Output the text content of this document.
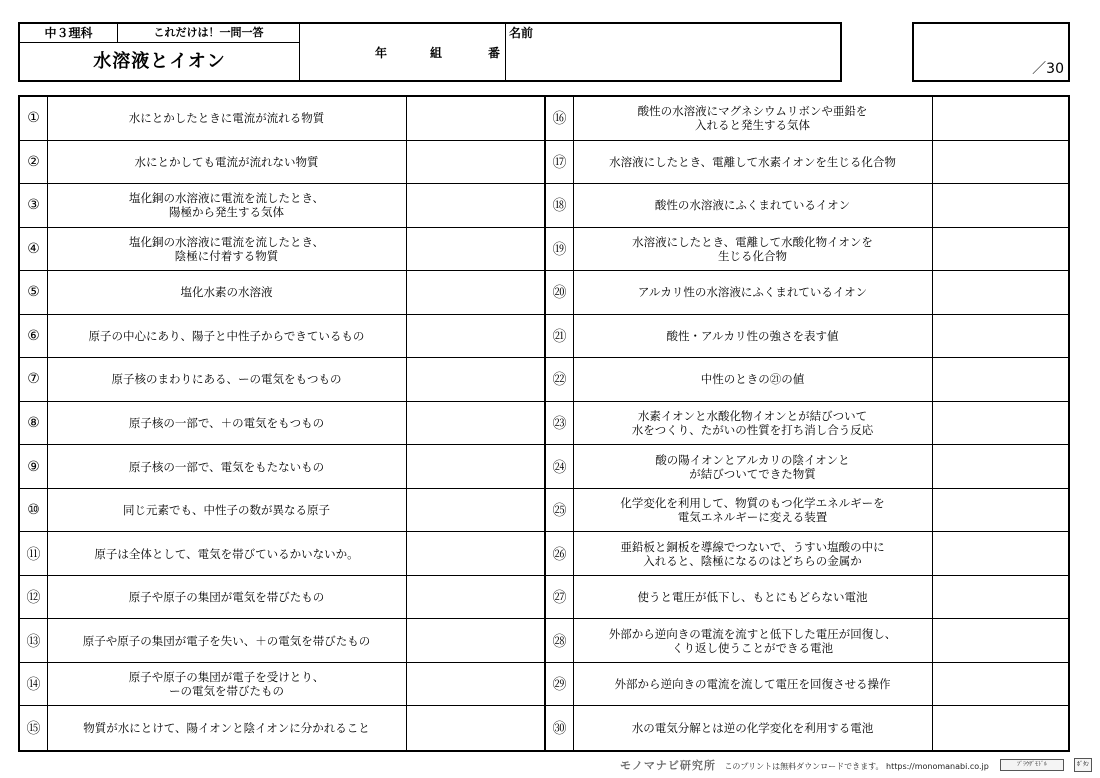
中３理科	これだけは！一問一答
水溶液とイオン	年	組	番
名前
／30
①	水にとかしたときに電流が流れる物質
②	水にとかしても電流が流れない物質
③	塩化銅の水溶液に電流を流したとき、
陽極から発生する気体
④	塩化銅の水溶液に電流を流したとき、
陰極に付着する物質
⑤	塩化水素の水溶液
⑥	原子の中心にあり、陽子と中性子からできているもの
⑦	原子核のまわりにある、ーの電気をもつもの
⑧	原子核の一部で、＋の電気をもつもの
⑨	原子核の一部で、電気をもたないもの
⑩	同じ元素でも、中性子の数が異なる原子
⑪	原子は全体として、電気を帯びているかいないか。
⑫	原子や原子の集団が電気を帯びたもの
⑬	原子や原子の集団が電子を失い、＋の電気を帯びたもの
⑭	原子や原子の集団が電子を受けとり、
ーの電気を帯びたもの
⑮	物質が水にとけて、陽イオンと陰イオンに分かれること
⑯	酸性の水溶液にマグネシウムリボンや亜鉛を
入れると発生する気体
⑰	水溶液にしたとき、電離して水素イオンを生じる化合物
⑱	酸性の水溶液にふくまれているイオン
⑲	水溶液にしたとき、電離して水酸化物イオンを
生じる化合物
⑳	アルカリ性の水溶液にふくまれているイオン
㉑	酸性・アルカリ性の強さを表す値
㉒	中性のときの㉑の値
㉓	水素イオンと水酸化物イオンとが結びついて
水をつくり、たがいの性質を打ち消し合う反応
㉔	酸の陽イオンとアルカリの陰イオンと
が結びついてできた物質
㉕	化学変化を利用して、物質のもつ化学エネルギーを
電気エネルギーに変える装置
㉖	亜鉛板と銅板を導線でつないで、うすい塩酸の中に
入れると、陰極になるのはどちらの金属か
㉗	使うと電圧が低下し、もとにもどらない電池
㉘	外部から逆向きの電流を流すと低下した電圧が回復し、
くり返し使うことができる電池
㉙	外部から逆向きの電流を流して電圧を回復させる操作
㉚	水の電気分解とは逆の化学変化を利用する電池
モノマナビ研究所 このプリントは無料ダウンロードできます。 https://monomanabi.co.jp	ﾌﾞﾗｳｻﾞﾓﾄﾞﾙ	ﾎﾞﾀﾝ
